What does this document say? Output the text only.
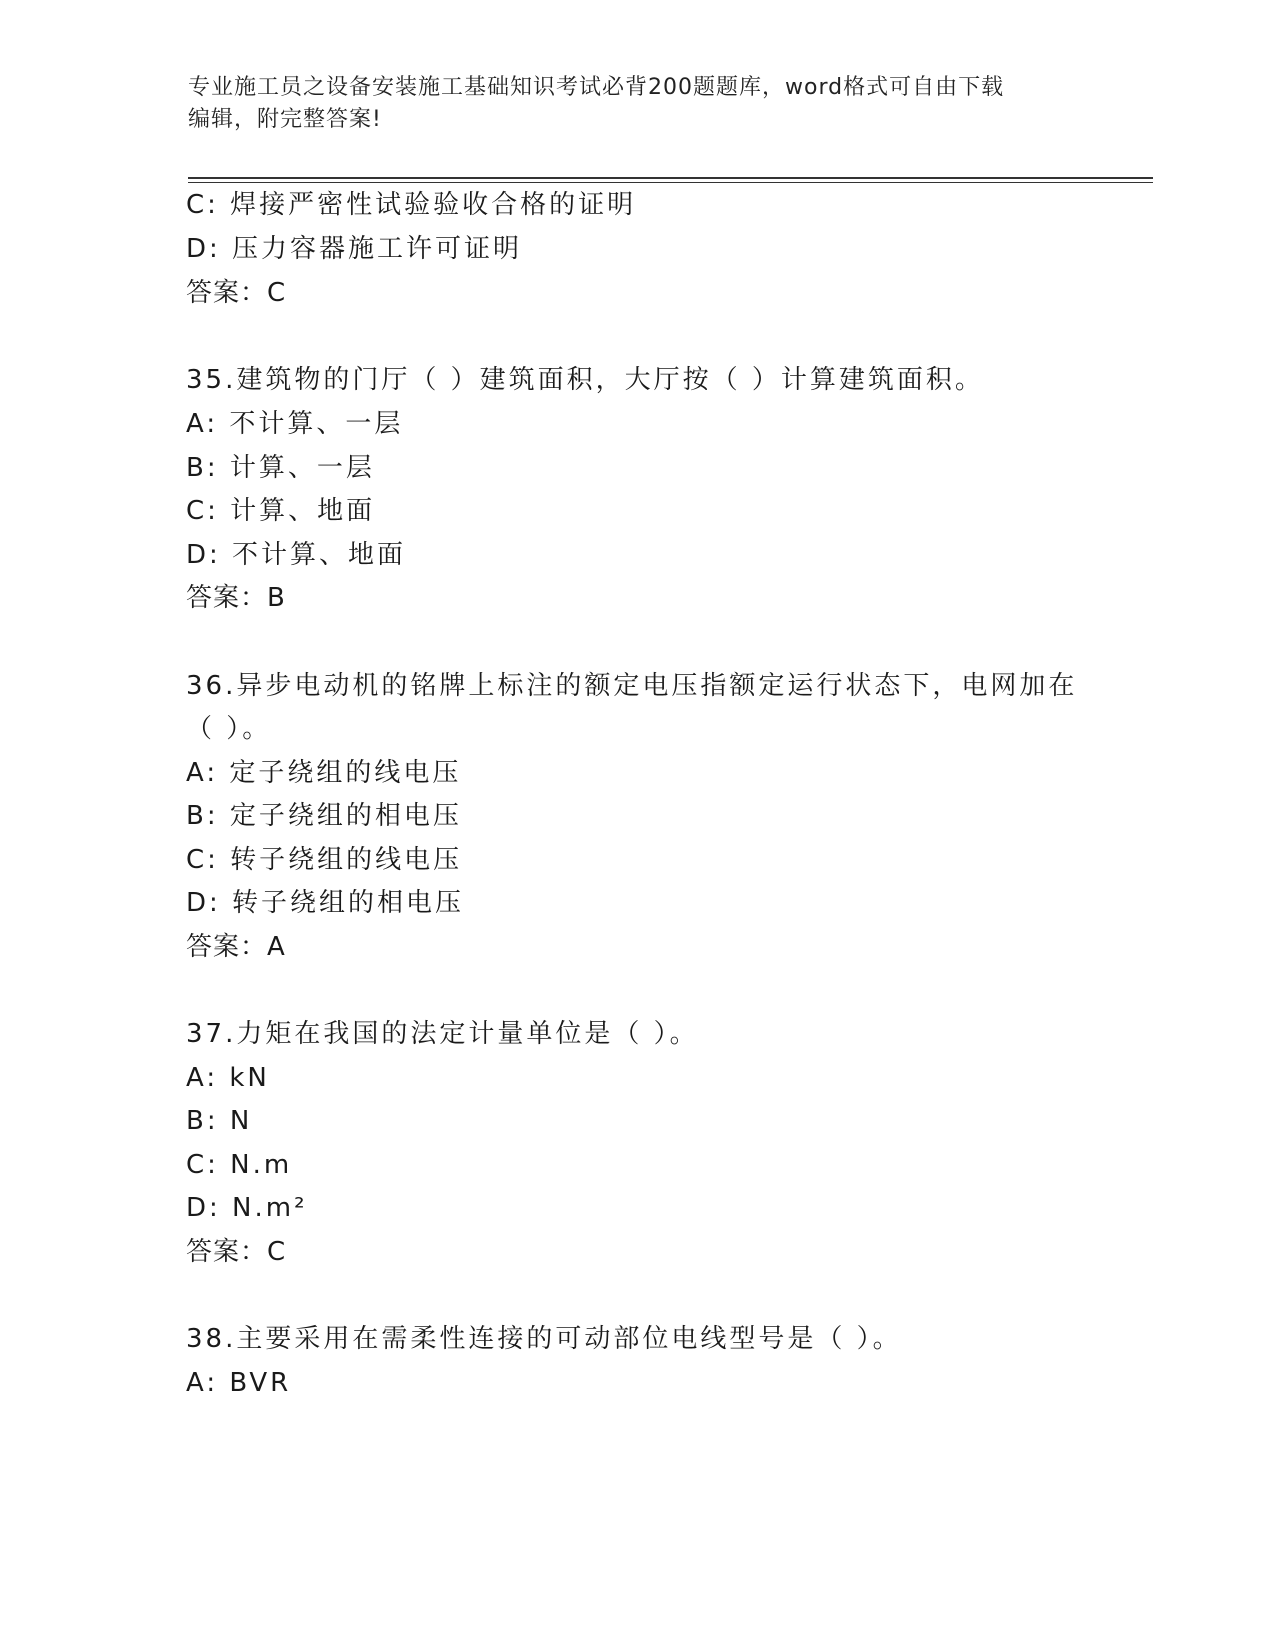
专业施工员之设备安装施工基础知识考试必背200题题库，word格式可自由下载
编辑，附完整答案!
C: 焊接严密性试验验收合格的证明
D: 压力容器施工许可证明
答案：C
35.建筑物的门厅（ ）建筑面积，大厅按（ ）计算建筑面积。
A: 不计算、一层
B: 计算、一层
C: 计算、地面
D: 不计算、地面
答案：B
36.异步电动机的铭牌上标注的额定电压指额定运行状态下，电网加在
（ ）。
A: 定子绕组的线电压
B: 定子绕组的相电压
C: 转子绕组的线电压
D: 转子绕组的相电压
答案：A
37.力矩在我国的法定计量单位是（ ）。
A: kN
B: N
C: N.m
D: N.m²
答案：C
38.主要采用在需柔性连接的可动部位电线型号是（ ）。
A: BVR
